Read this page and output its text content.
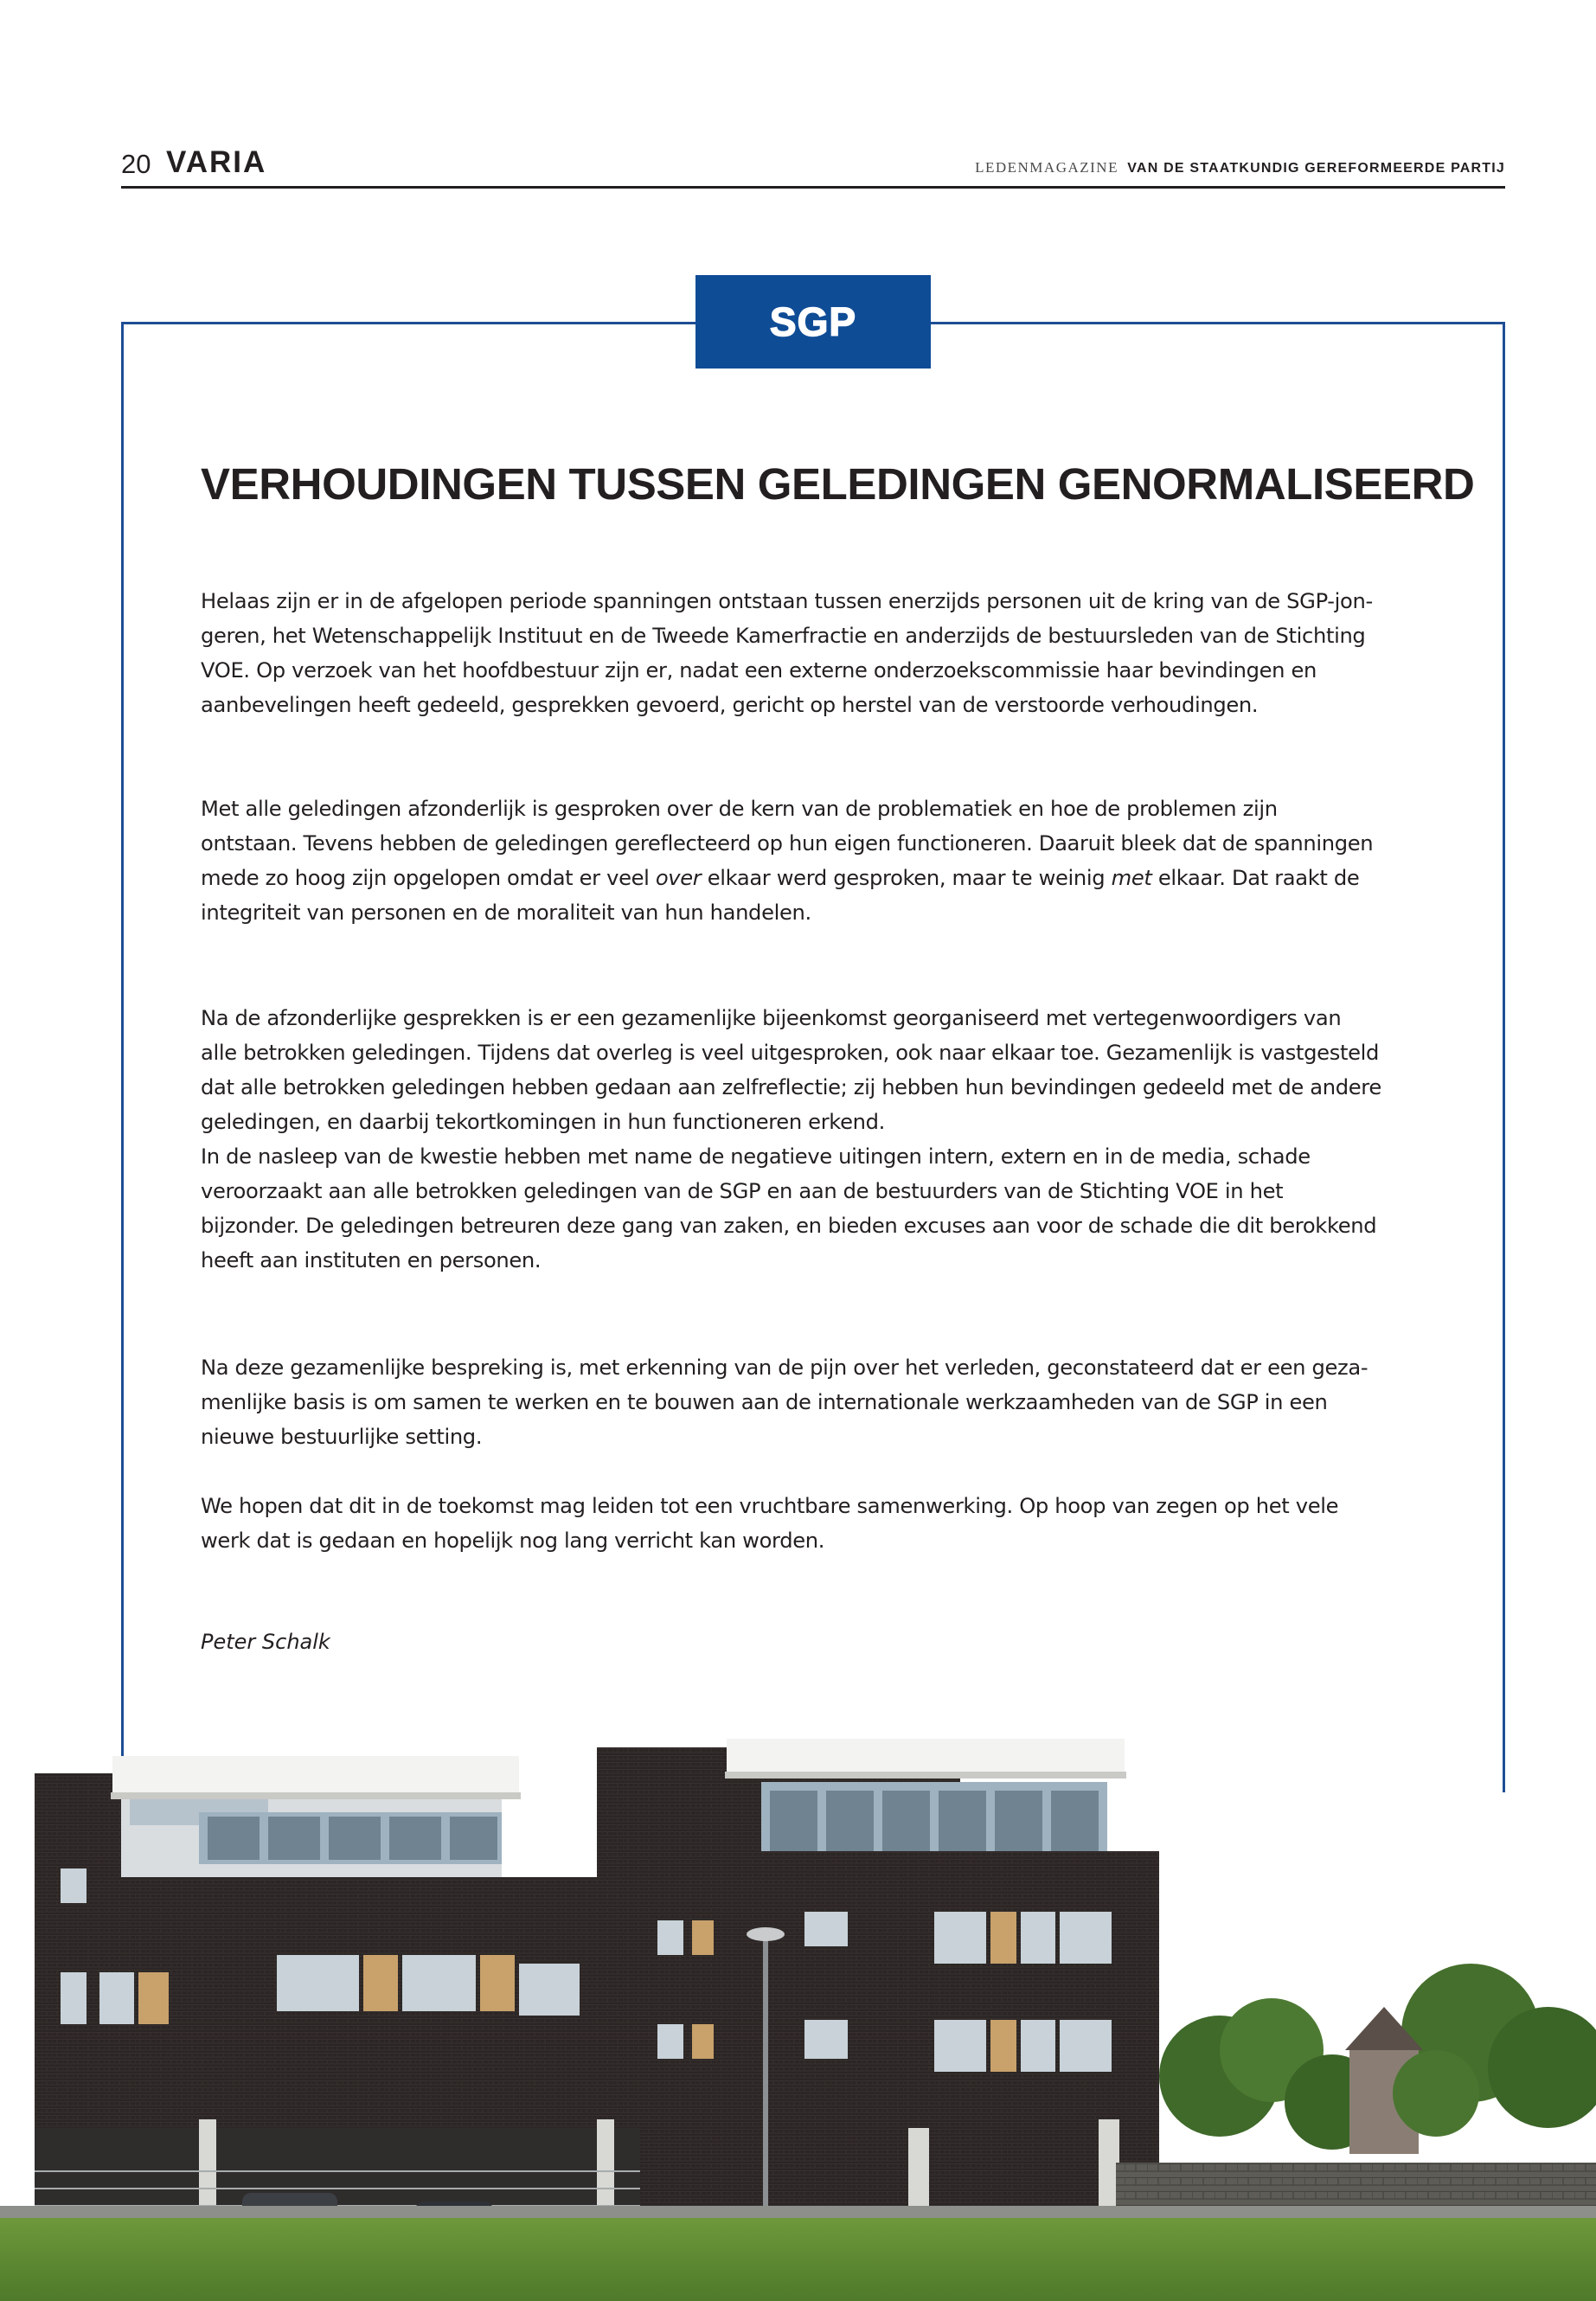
20 VARIA	LEDENMAGAZINE VAN DE STAATKUNDIG GEREFORMEERDE PARTIJ
SGP
VERHOUDINGEN TUSSEN GELEDINGEN GENORMALISEERD
Helaas zijn er in de afgelopen periode spanningen ontstaan tussen enerzijds personen uit de kring van de SGP-jon-
geren, het Wetenschappelijk Instituut en de Tweede Kamerfractie en anderzijds de bestuursleden van de Stichting
VOE. Op verzoek van het hoofdbestuur zijn er, nadat een externe onderzoekscommissie haar bevindingen en
aanbevelingen heeft gedeeld, gesprekken gevoerd, gericht op herstel van de verstoorde verhoudingen.
Met alle geledingen afzonderlijk is gesproken over de kern van de problematiek en hoe de problemen zijn
ontstaan. Tevens hebben de geledingen gereflecteerd op hun eigen functioneren. Daaruit bleek dat de spanningen
mede zo hoog zijn opgelopen omdat er veel over elkaar werd gesproken, maar te weinig met elkaar. Dat raakt de
integriteit van personen en de moraliteit van hun handelen.
Na de afzonderlijke gesprekken is er een gezamenlijke bijeenkomst georganiseerd met vertegenwoordigers van
alle betrokken geledingen. Tijdens dat overleg is veel uitgesproken, ook naar elkaar toe. Gezamenlijk is vastgesteld
dat alle betrokken geledingen hebben gedaan aan zelfreflectie; zij hebben hun bevindingen gedeeld met de andere
geledingen, en daarbij tekortkomingen in hun functioneren erkend.
In de nasleep van de kwestie hebben met name de negatieve uitingen intern, extern en in de media, schade
veroorzaakt aan alle betrokken geledingen van de SGP en aan de bestuurders van de Stichting VOE in het
bijzonder. De geledingen betreuren deze gang van zaken, en bieden excuses aan voor de schade die dit berokkend
heeft aan instituten en personen.
Na deze gezamenlijke bespreking is, met erkenning van de pijn over het verleden, geconstateerd dat er een geza-
menlijke basis is om samen te werken en te bouwen aan de internationale werkzaamheden van de SGP in een
nieuwe bestuurlijke setting.
We hopen dat dit in de toekomst mag leiden tot een vruchtbare samenwerking. Op hoop van zegen op het vele
werk dat is gedaan en hopelijk nog lang verricht kan worden.
Peter Schalk
